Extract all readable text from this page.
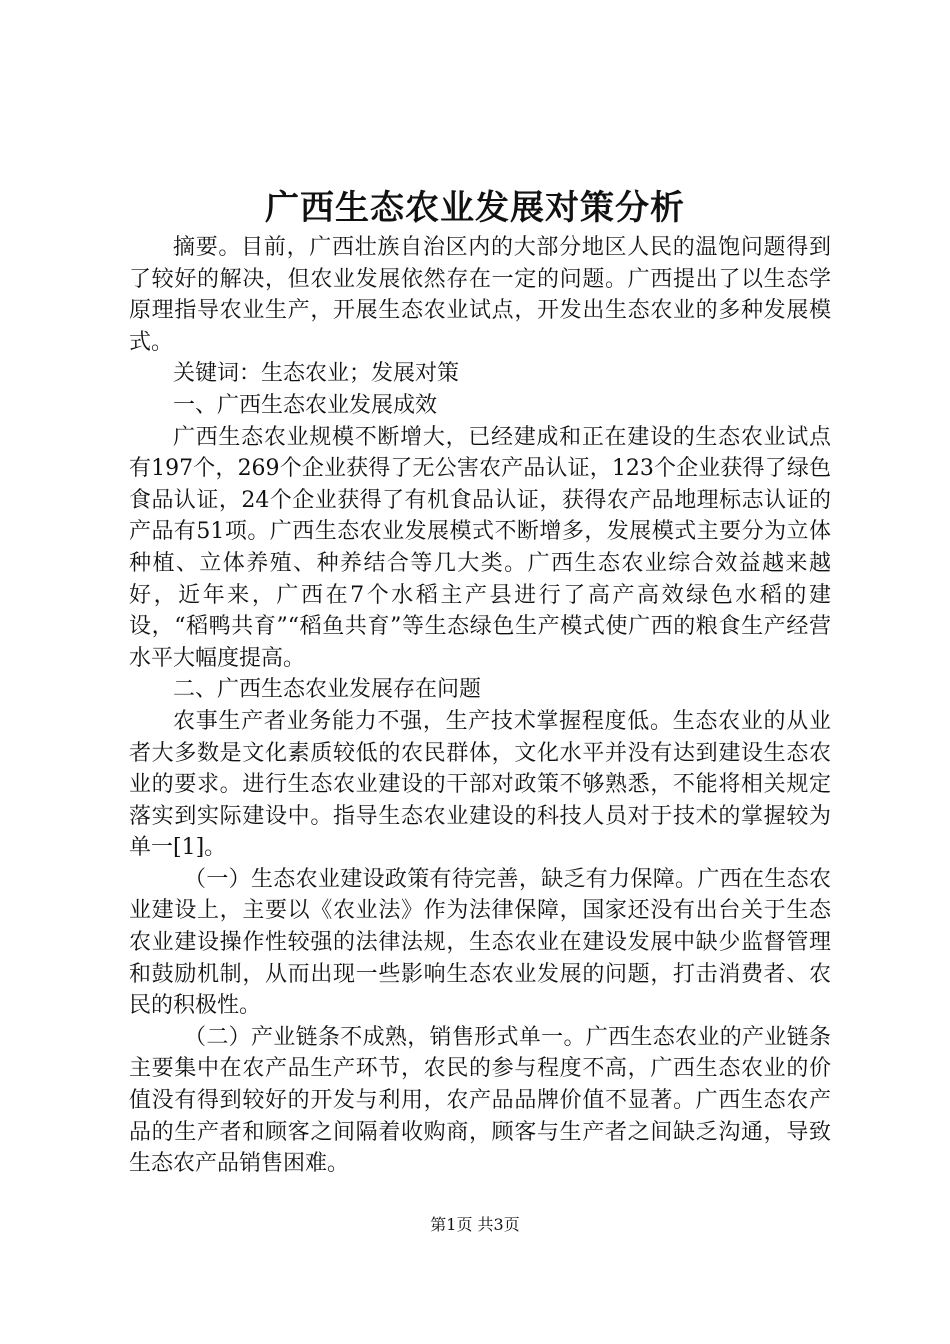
广西生态农业发展对策分析

摘要。目前，广西壮族自治区内的大部分地区人民的温饱问题得到了较好的解决，但农业发展依然存在一定的问题。广西提出了以生态学原理指导农业生产，开展生态农业试点，开发出生态农业的多种发展模式。

关键词：生态农业；发展对策

一、广西生态农业发展成效

广西生态农业规模不断增大，已经建成和正在建设的生态农业试点有197个，269个企业获得了无公害农产品认证，123个企业获得了绿色食品认证，24个企业获得了有机食品认证，获得农产品地理标志认证的产品有51项。广西生态农业发展模式不断增多，发展模式主要分为立体种植、立体养殖、种养结合等几大类。广西生态农业综合效益越来越好，近年来，广西在7个水稻主产县进行了高产高效绿色水稻的建设，“稻鸭共育”“稻鱼共育”等生态绿色生产模式使广西的粮食生产经营水平大幅度提高。

二、广西生态农业发展存在问题

农事生产者业务能力不强，生产技术掌握程度低。生态农业的从业者大多数是文化素质较低的农民群体，文化水平并没有达到建设生态农业的要求。进行生态农业建设的干部对政策不够熟悉，不能将相关规定落实到实际建设中。指导生态农业建设的科技人员对于技术的掌握较为单一[1]。

（一）生态农业建设政策有待完善，缺乏有力保障。广西在生态农业建设上，主要以《农业法》作为法律保障，国家还没有出台关于生态农业建设操作性较强的法律法规，生态农业在建设发展中缺少监督管理和鼓励机制，从而出现一些影响生态农业发展的问题，打击消费者、农民的积极性。

（二）产业链条不成熟，销售形式单一。广西生态农业的产业链条主要集中在农产品生产环节，农民的参与程度不高，广西生态农业的价值没有得到较好的开发与利用，农产品品牌价值不显著。广西生态农产品的生产者和顾客之间隔着收购商，顾客与生产者之间缺乏沟通，导致生态农产品销售困难。

第1页 共3页
